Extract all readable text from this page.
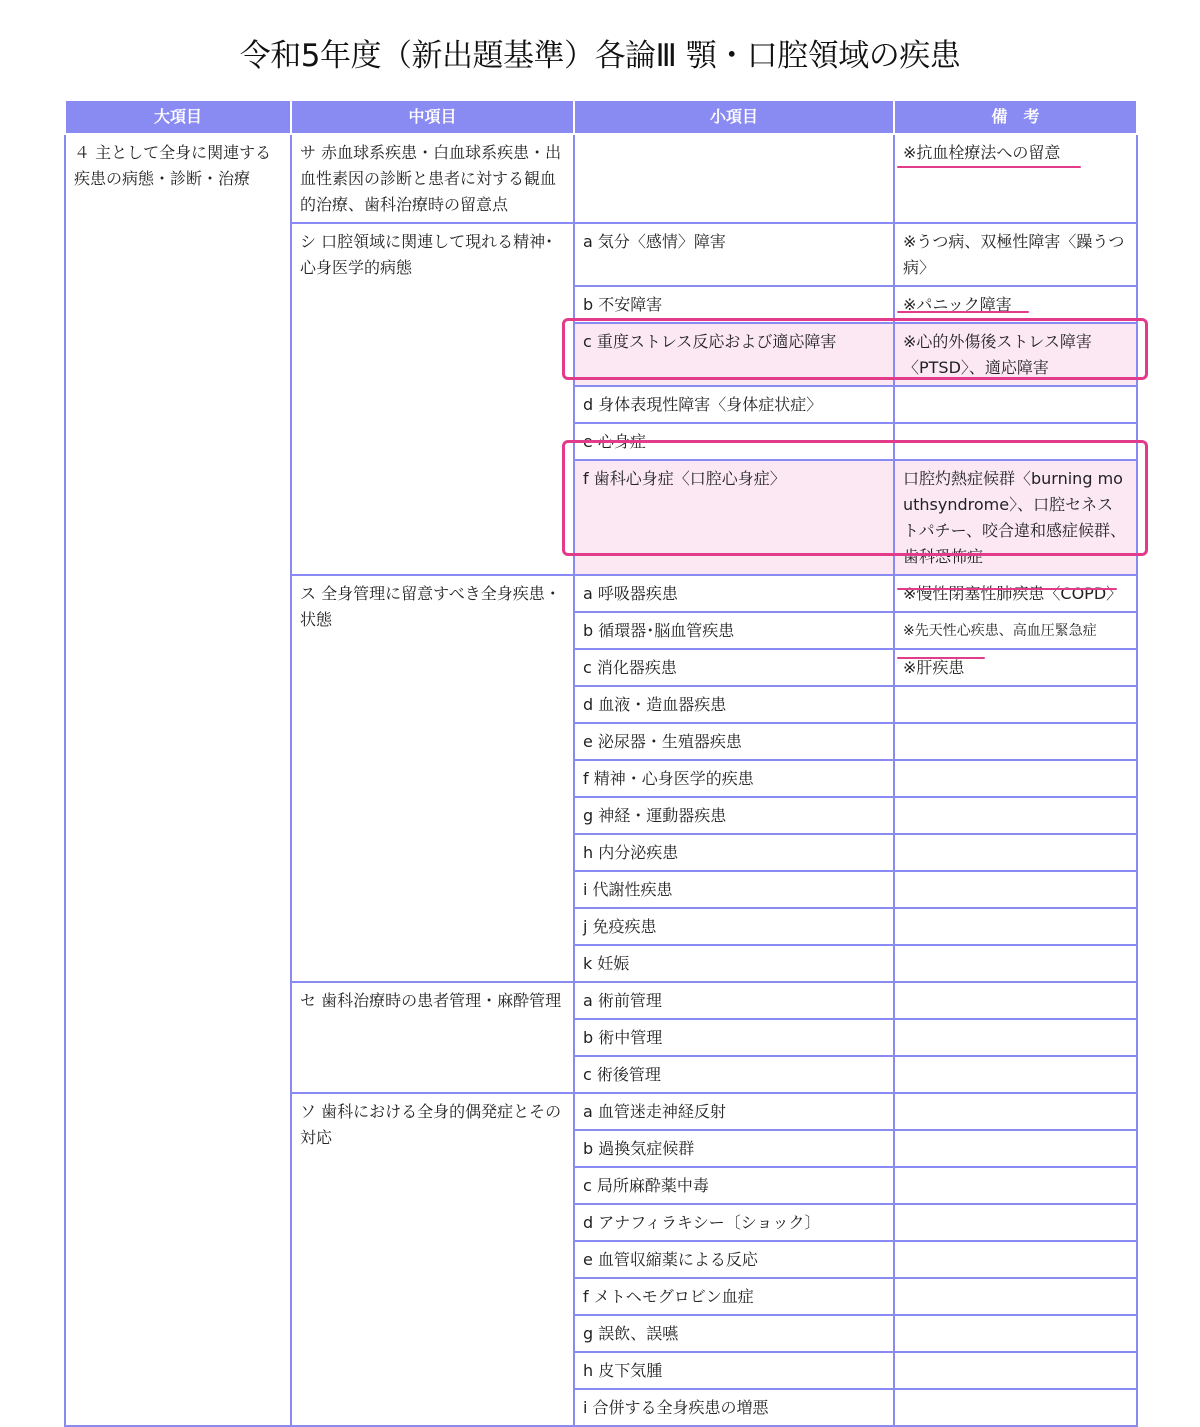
令和5年度（新出題基準）各論Ⅲ 顎・口腔領域の疾患
大項目	中項目	小項目	備　考
４ 主として全身に関連する疾患の病態・診断・治療	サ 赤血球系疾患・白血球系疾患・出血性素因の診断と患者に対する観血的治療、歯科治療時の留意点		※抗血栓療法への留意
	シ 口腔領域に関連して現れる精神･心身医学的病態	a 気分〈感情〉障害	※うつ病、双極性障害〈躁うつ病〉
		b 不安障害	※パニック障害
		c 重度ストレス反応および適応障害	※心的外傷後ストレス障害〈PTSD〉、適応障害
		d 身体表現性障害〈身体症状症〉	
		e 心身症	
		f 歯科心身症〈口腔心身症〉	口腔灼熱症候群〈burning mouthsyndrome〉、口腔セネストパチー、咬合違和感症候群、歯科恐怖症
	ス 全身管理に留意すべき全身疾患・状態	a 呼吸器疾患	※慢性閉塞性肺疾患〈COPD〉
		b 循環器･脳血管疾患	※先天性心疾患、高血圧緊急症
		c 消化器疾患	※肝疾患
		d 血液・造血器疾患	
		e 泌尿器・生殖器疾患	
		f 精神・心身医学的疾患	
		g 神経・運動器疾患	
		h 内分泌疾患	
		i 代謝性疾患	
		j 免疫疾患	
		k 妊娠	
	セ 歯科治療時の患者管理・麻酔管理	a 術前管理	
		b 術中管理	
		c 術後管理	
	ソ 歯科における全身的偶発症とその対応	a 血管迷走神経反射	
		b 過換気症候群	
		c 局所麻酔薬中毒	
		d アナフィラキシー〔ショック〕	
		e 血管収縮薬による反応	
		f メトヘモグロビン血症	
		g 誤飲、誤嚥	
		h 皮下気腫	
		i 合併する全身疾患の増悪	
